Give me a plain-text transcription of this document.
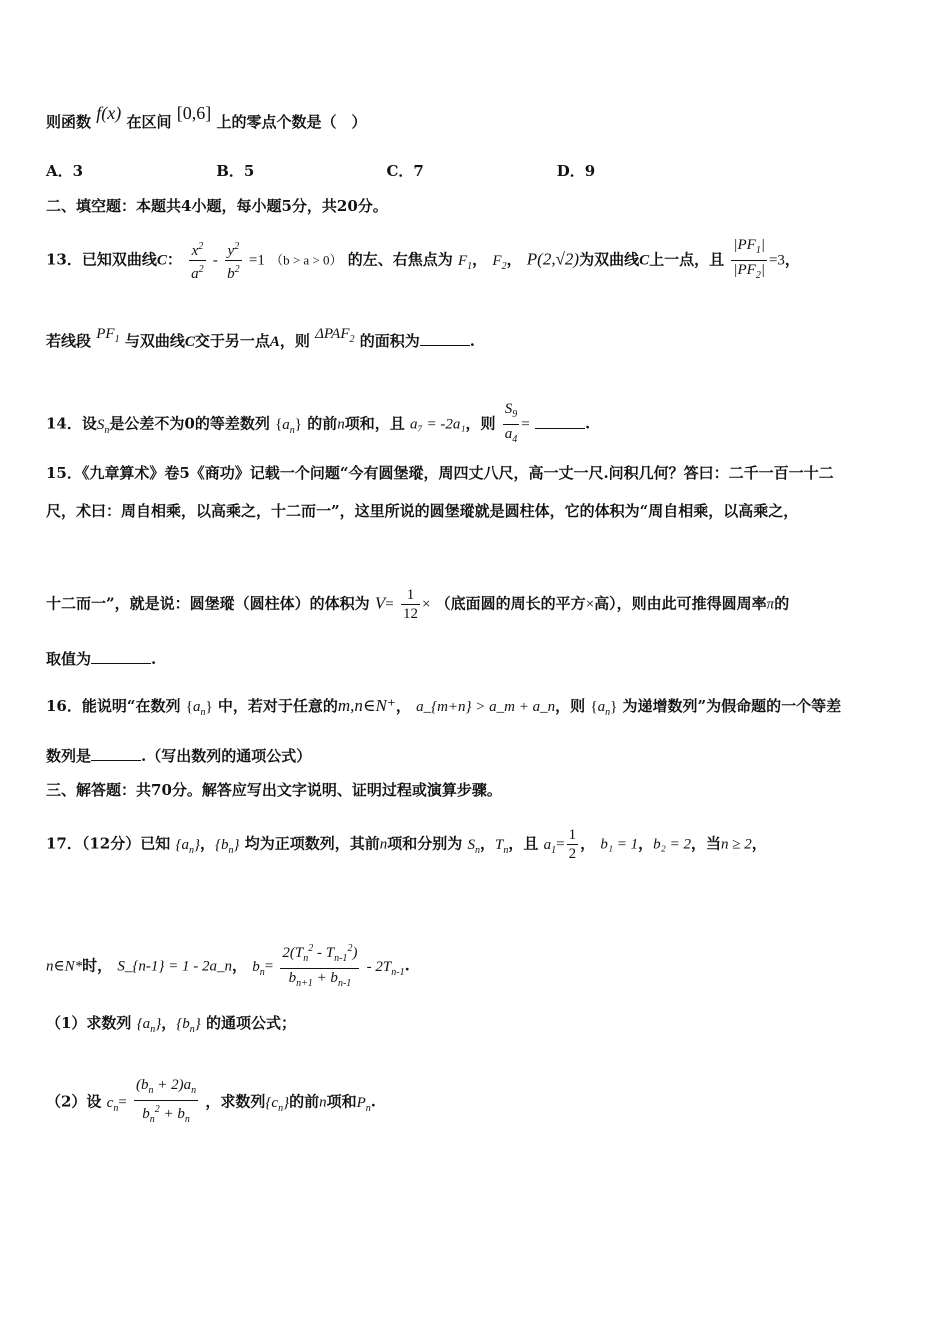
则函数 f(x) 在区间 [0,6] 上的零点个数是（　）
A．3	B．5	C．7	D．9
二、填空题：本题共4小题，每小题5分，共20分。
13．已知双曲线C： $\frac{x^2}{a^2} - \frac{y^2}{b^2} =1$ （b > a > 0） 的左、右焦点为 $F_1$， $F_2$， P(2,√2)为双曲线C上一点，且 $\frac{|PF_1|}{|PF_2|} =3$，
若线段 $PF_1$ 与双曲线C交于另一点A，则 $\Delta PAF_2$ 的面积为	.
14．设$S_n$是公差不为0的等差数列 $\{a_n\}$ 的前n项和，且 a₇ = -2a₁，则 $\frac{S_9}{a_4}$ =	.
15．《九章算术》卷5《商功》记载一个问题“今有圆堡瑽，周四丈八尺，高一丈一尺.问积几何？答曰：二千一百一十二
尺，术曰：周自相乘，以高乘之，十二而一”，这里所说的圆堡瑽就是圆柱体，它的体积为“周自相乘，以高乘之，
十二而一”，就是说：圆堡瑽（圆柱体）的体积为 $V= \frac{1}{12}$ × （底面圆的周长的平方×高），则由此可推得圆周率π的
取值为	.
16．能说明“在数列 $\{a_n\}$ 中，若对于任意的m,n∈N⁺， a_{m+n} > a_m + a_n，则 $\{a_n\}$ 为递增数列”为假命题的一个等差
数列是	.（写出数列的通项公式）
三、解答题：共70分。解答应写出文字说明、证明过程或演算步骤。
17．（12分）已知 $\{a_n\}$，$\{b_n\}$ 均为正项数列，其前n项和分别为 $S_n$，$T_n$，且 $a_1= \frac{1}{2}$ ， b₁ = 1，b₂ = 2，当n ≥ 2，
n∈N*时， S_{n-1} = 1 - 2a_n， $b_n= \frac{2(T_n^2 - T_{n-1}^2)}{b_{n+1} + b_{n-1}} - 2T_{n-1}$.
（1）求数列 $\{a_n\}$，$\{b_n\}$ 的通项公式；
（2）设 $c_n= \frac{(b_n + 2)a_n}{b_n^2 + b_n}$ ，求数列$\{c_n\}$的前n项和$P_n$.
